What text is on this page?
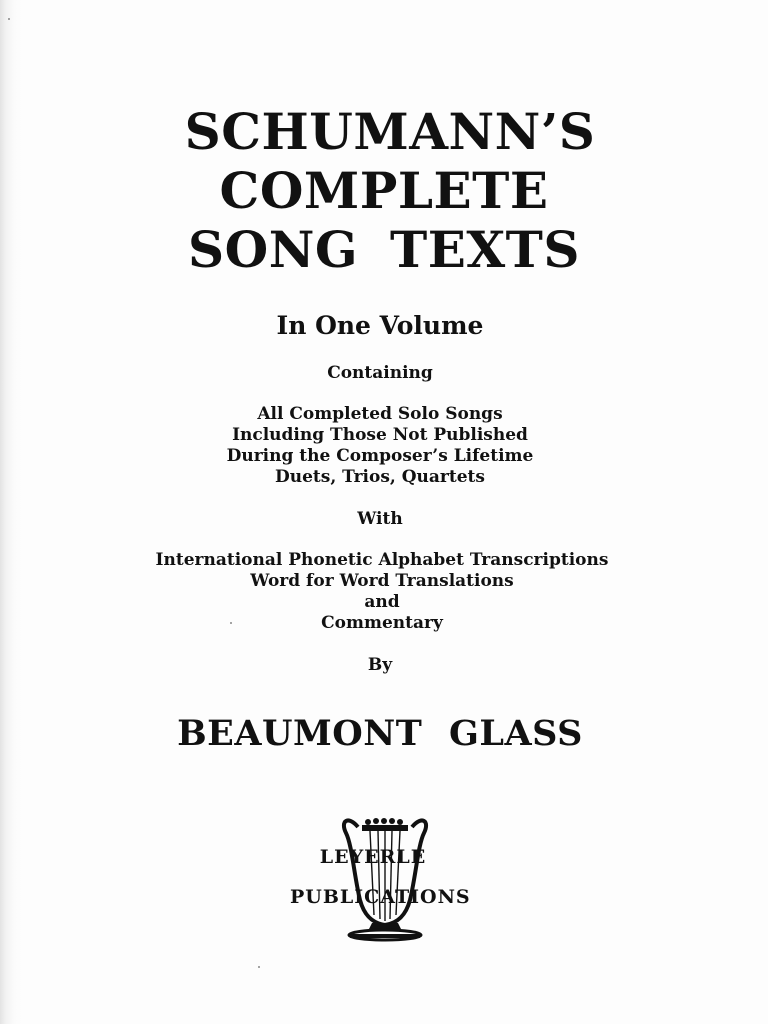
SCHUMANN’S
COMPLETE
SONG TEXTS
In One Volume
Containing
All Completed Solo Songs
Including Those Not Published
During the Composer’s Lifetime
Duets, Trios, Quartets
With
International Phonetic Alphabet Transcriptions
Word for Word Translations
and
Commentary
By
BEAUMONT GLASS
LEYERLE
PUBLICATIONS
